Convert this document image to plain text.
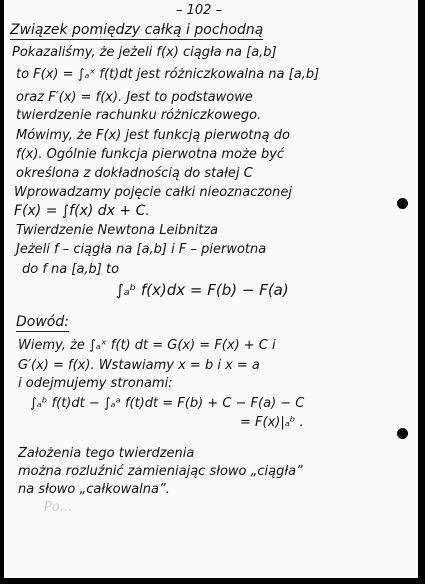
– 102 –
Związek pomiędzy całką i pochodną
Pokazaliśmy, że jeżeli f(x) ciągła na [a,b]
to F(x) = ∫ₐˣ f(t)dt jest różniczkowalna na [a,b]
oraz F′(x) = f(x). Jest to podstawowe
twierdzenie rachunku różniczkowego.
Mówimy, że F(x) jest funkcją pierwotną do
f(x). Ogólnie funkcja pierwotna może być
określona z dokładnością do stałej C
Wprowadzamy pojęcie całki nieoznaczonej
F(x) = ∫f(x) dx + C.
Twierdzenie Newtona Leibnitza
Jeżeli f – ciągła na [a,b] i F – pierwotna
do f na [a,b] to
∫ₐᵇ f(x)dx = F(b) − F(a)
Dowód:
Wiemy, że ∫ₐˣ f(t) dt = G(x) = F(x) + C i
G′(x) = f(x). Wstawiamy x = b i x = a
i odejmujemy stronami:
∫ₐᵇ f(t)dt − ∫ₐᵃ f(t)dt = F(b) + C − F(a) − C
= F(x)|ₐᵇ .
Założenia tego twierdzenia
można rozluźnić zamieniając słowo „ciągła”
na słowo „całkowalna”.
Po...
